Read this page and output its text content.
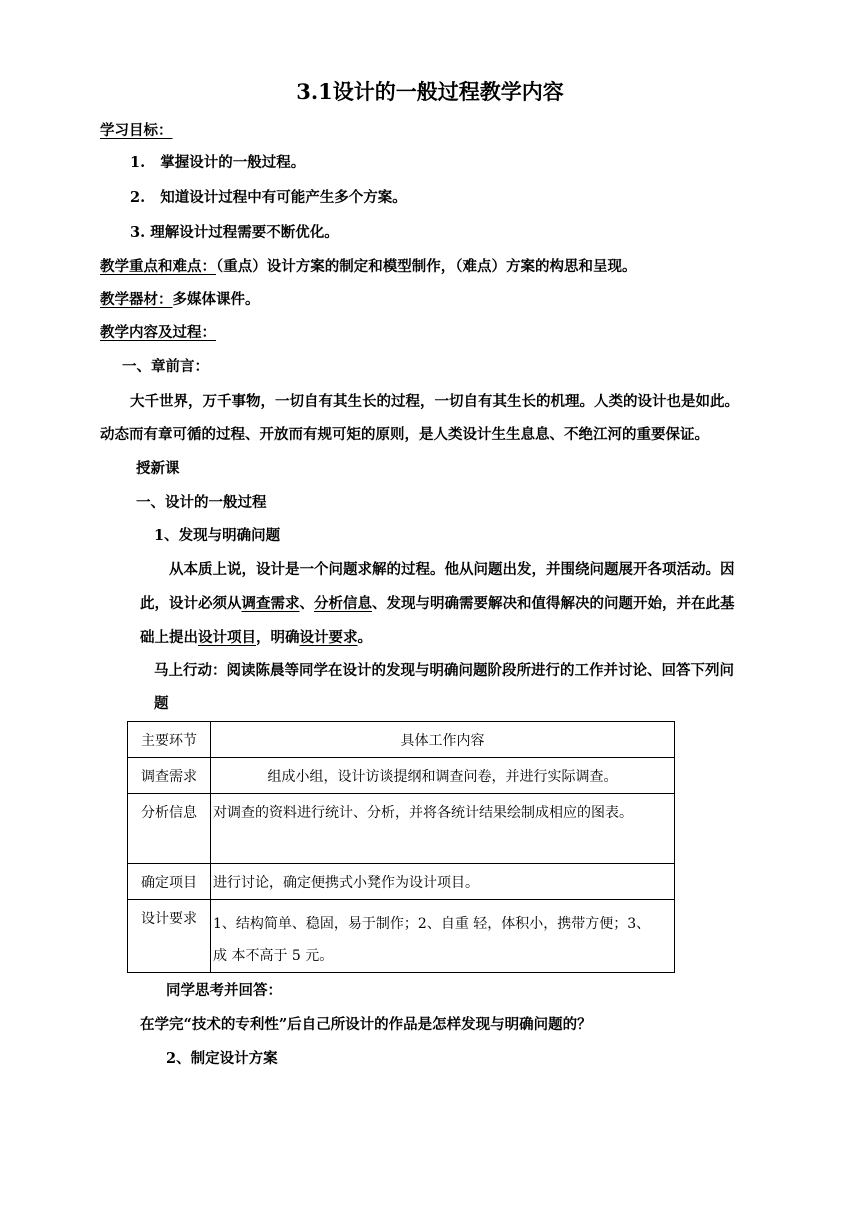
3.1设计的一般过程教学内容
学习目标：
1. 掌握设计的一般过程。
2. 知道设计过程中有可能产生多个方案。
3. 理解设计过程需要不断优化。
教学重点和难点：（重点）设计方案的制定和模型制作，（难点）方案的构思和呈现。
教学器材：多媒体课件。
教学内容及过程：
一、章前言：
大千世界，万千事物，一切自有其生长的过程，一切自有其生长的机理。人类的设计也是如此。
动态而有章可循的过程、开放而有规可矩的原则，是人类设计生生息息、不绝江河的重要保证。
授新课
一、设计的一般过程
1、发现与明确问题
从本质上说，设计是一个问题求解的过程。他从问题出发，并围绕问题展开各项活动。因
此，设计必须从调查需求、分析信息、发现与明确需要解决和值得解决的问题开始，并在此基
础上提出设计项目，明确设计要求。
马上行动：阅读陈晨等同学在设计的发现与明确问题阶段所进行的工作并讨论、回答下列问
题
主要环节	具体工作内容
调查需求	组成小组，设计访谈提纲和调查问卷，并进行实际调查。
分析信息	对调查的资料进行统计、分析，并将各统计结果绘制成相应的图表。
确定项目	进行讨论，确定便携式小凳作为设计项目。
设计要求	1、结构简单、稳固，易于制作；2、自重 轻，体积小，携带方便；3、
成 本不高于 5 元。
同学思考并回答：
在学完“技术的专利性”后自己所设计的作品是怎样发现与明确问题的？
2、制定设计方案
